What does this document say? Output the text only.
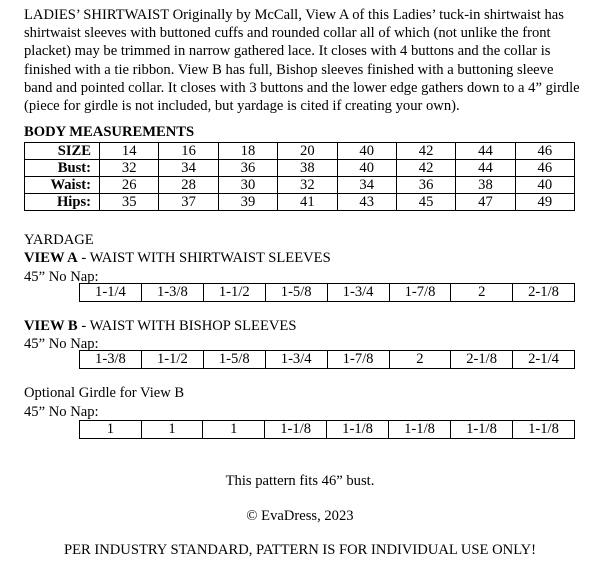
LADIES’ SHIRTWAIST Originally by McCall, View A of this Ladies’ tuck-in shirtwaist has shirtwaist sleeves with buttoned cuffs and rounded collar all of which (not unlike the front placket) may be trimmed in narrow gathered lace. It closes with 4 buttons and the collar is finished with a tie ribbon. View B has full, Bishop sleeves finished with a buttoning sleeve band and pointed collar. It closes with 3 buttons and the lower edge gathers down to a 4” girdle (piece for girdle is not included, but yardage is cited if creating your own).

BODY MEASUREMENTS

SIZE	14	16	18	20	40	42	44	46
Bust:	32	34	36	38	40	42	44	46
Waist:	26	28	30	32	34	36	38	40
Hips:	35	37	39	41	43	45	47	49

YARDAGE

VIEW A - WAIST WITH SHIRTWAIST SLEEVES

45” No Nap:

1-1/4	1-3/8	1-1/2	1-5/8	1-3/4	1-7/8	2	2-1/8

VIEW B - WAIST WITH BISHOP SLEEVES

45” No Nap:

1-3/8	1-1/2	1-5/8	1-3/4	1-7/8	2	2-1/8	2-1/4

Optional Girdle for View B

45” No Nap:

1	1	1	1-1/8	1-1/8	1-1/8	1-1/8	1-1/8

This pattern fits 46” bust.

© EvaDress, 2023

PER INDUSTRY STANDARD, PATTERN IS FOR INDIVIDUAL USE ONLY!
